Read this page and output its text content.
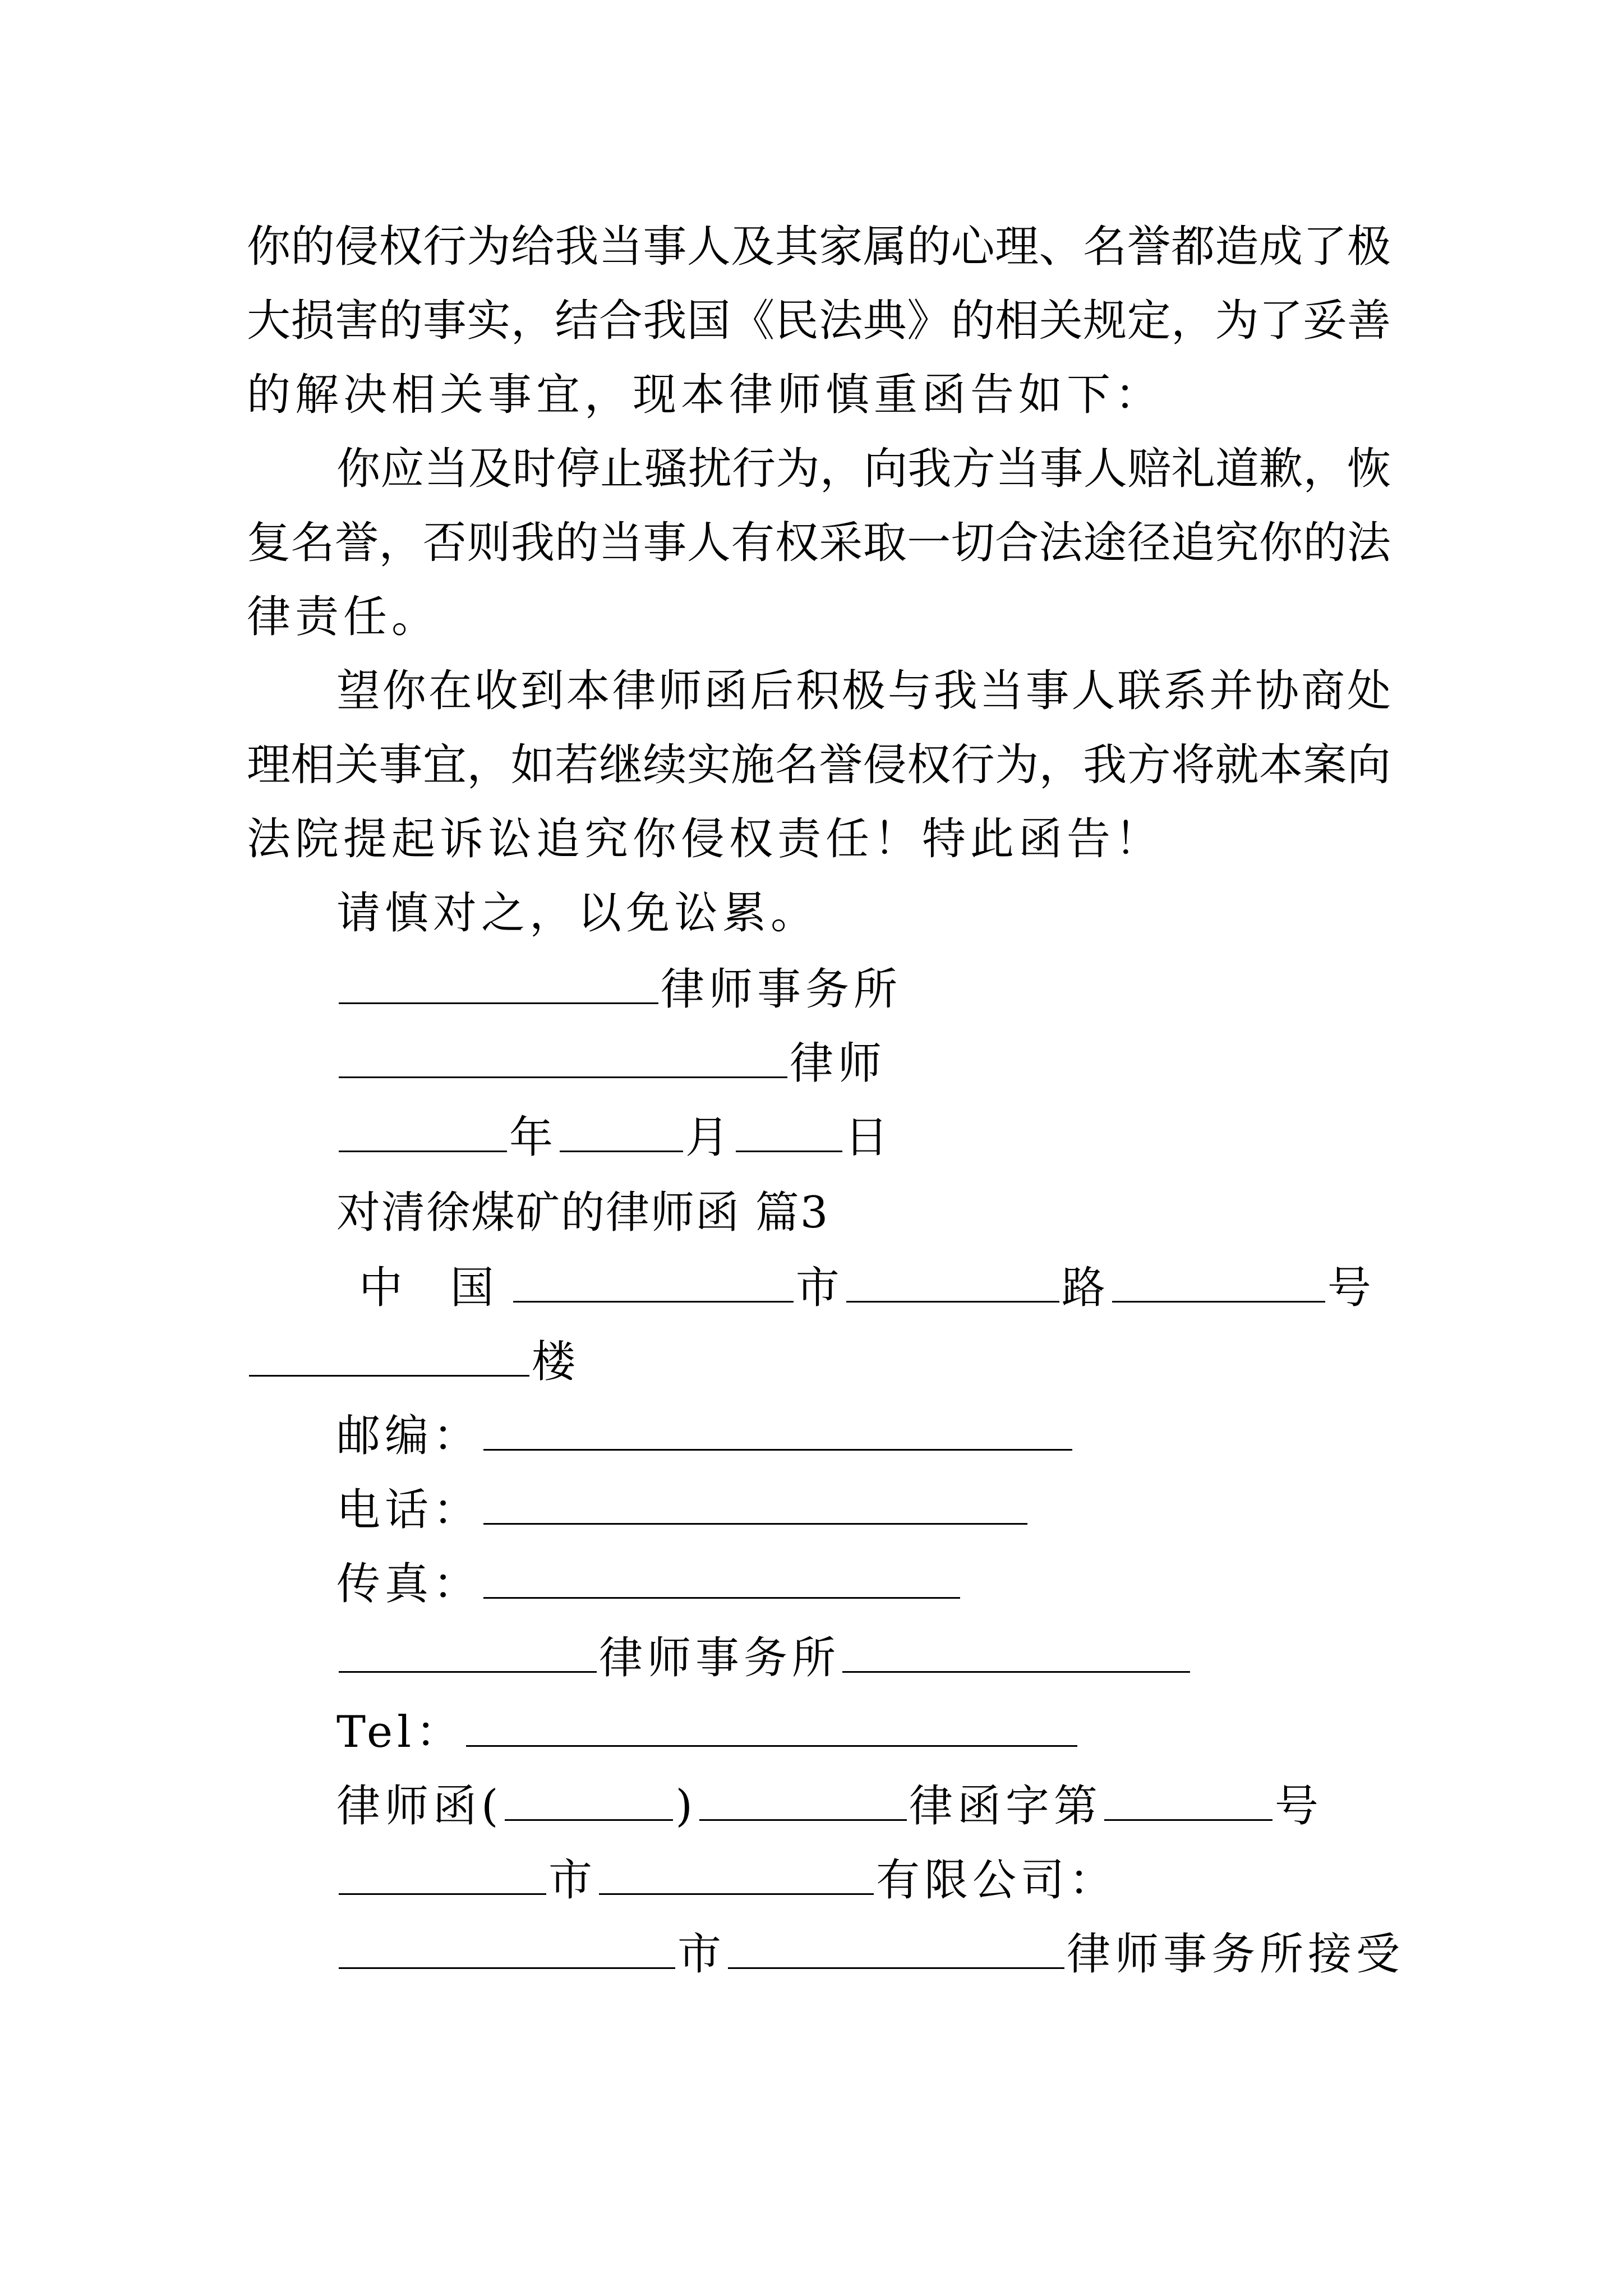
你的侵权行为给我当事人及其家属的心理、名誉都造成了极
大损害的事实，结合我国《民法典》的相关规定，为了妥善
的解决相关事宜，现本律师慎重函告如下：
你应当及时停止骚扰行为，向我方当事人赔礼道歉，恢
复名誉，否则我的当事人有权采取一切合法途径追究你的法
律责任。
望你在收到本律师函后积极与我当事人联系并协商处
理相关事宜，如若继续实施名誉侵权行为，我方将就本案向
法院提起诉讼追究你侵权责任！特此函告！
请慎对之，以免讼累。
律师事务所
律师
年	月	日
对清徐煤矿的律师函 篇3
中 国	市	路	号
楼
邮编：
电话：
传真：
律师事务所
Tel：
律师函(	)	律函字第	号
市	有限公司：
市	律师事务所接受
